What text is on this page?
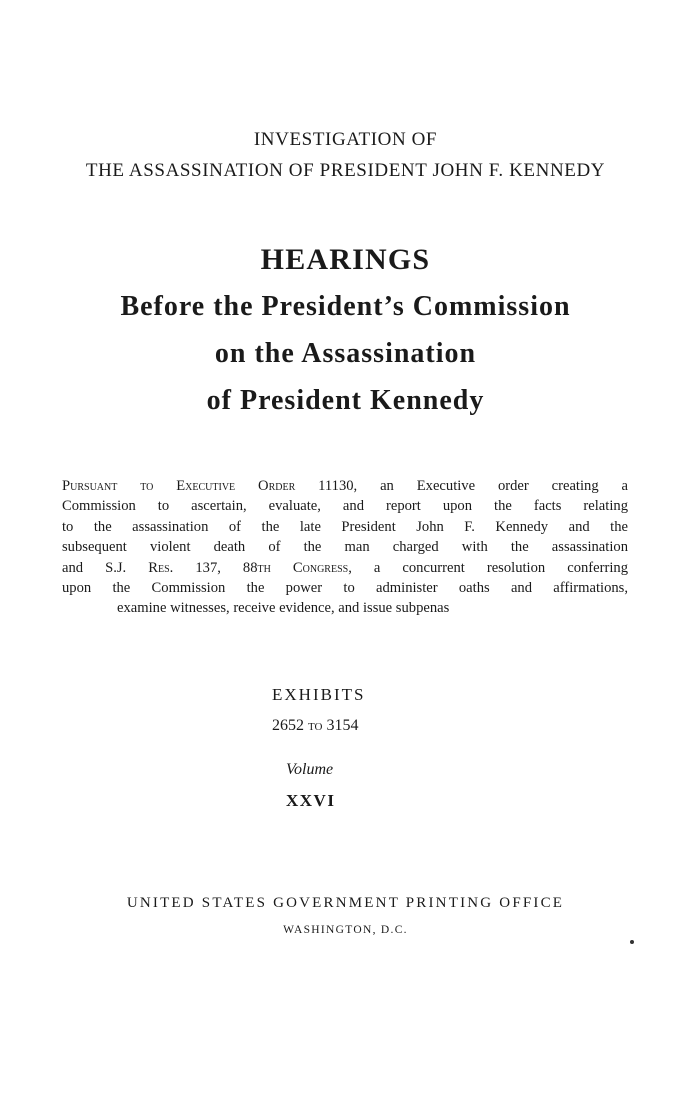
INVESTIGATION OF
THE ASSASSINATION OF PRESIDENT JOHN F. KENNEDY
HEARINGS
Before the President’s Commission
on the Assassination
of President Kennedy
Pursuant to Executive Order 11130, an Executive order creating a
Commission to ascertain, evaluate, and report upon the facts relating
to the assassination of the late President John F. Kennedy and the
subsequent violent death of the man charged with the assassination
and S.J. Res. 137, 88th Congress, a concurrent resolution conferring
upon the Commission the power to administer oaths and affirmations,
examine witnesses, receive evidence, and issue subpenas
EXHIBITS
2652 to 3154
Volume
XXVI
UNITED STATES GOVERNMENT PRINTING OFFICE
WASHINGTON, D.C.
